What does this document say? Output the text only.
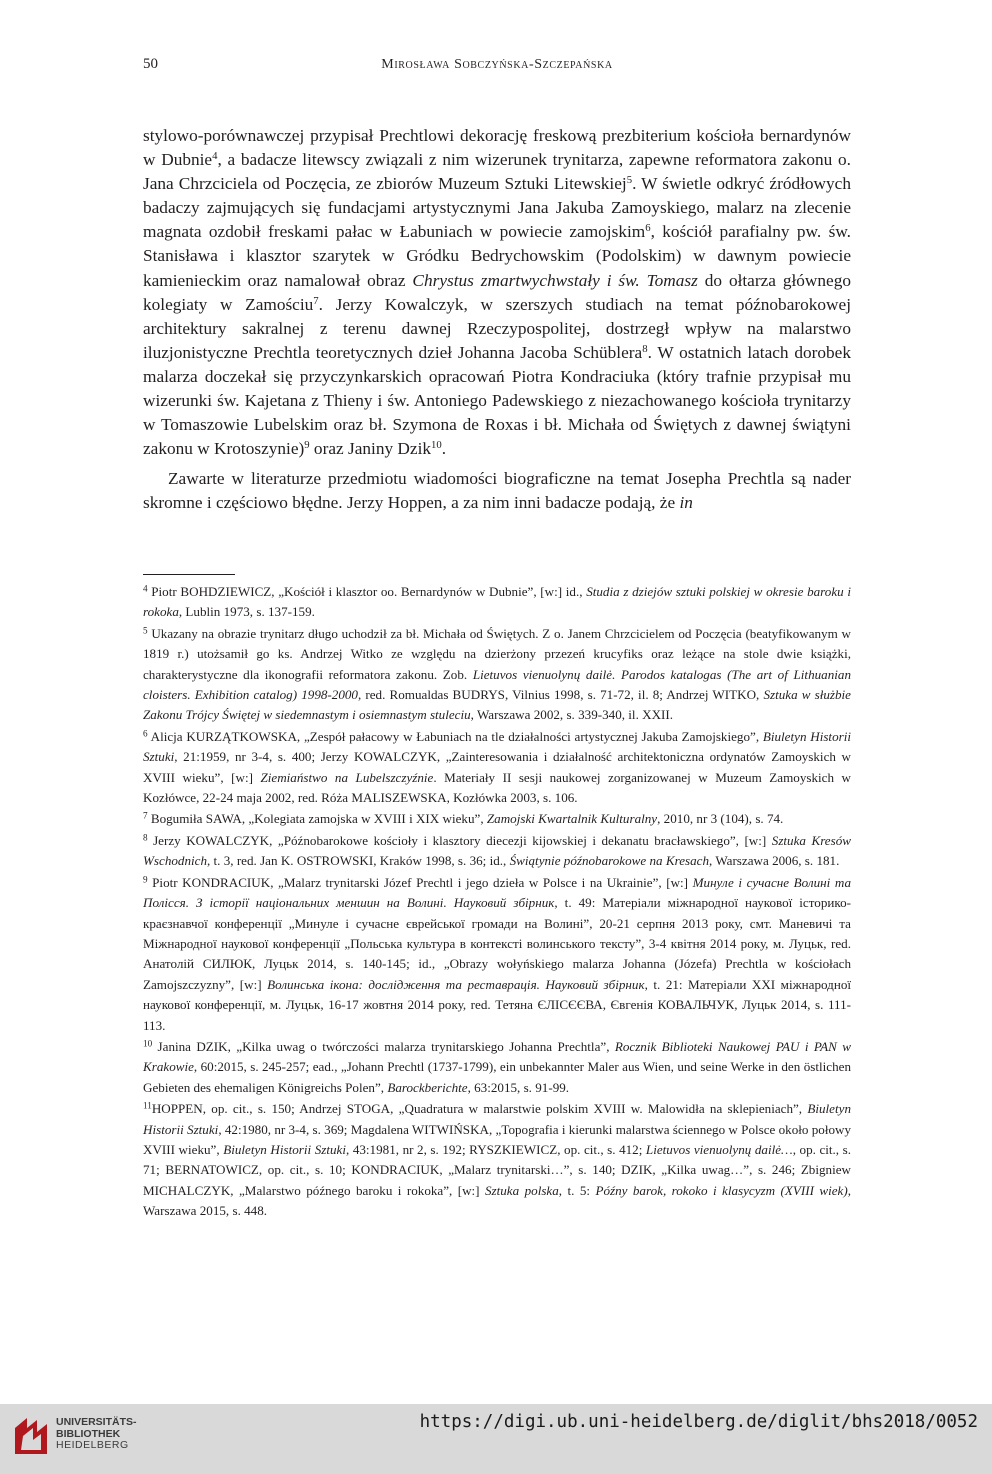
50	Mirosława Sobczyńska-Szczepańska

stylowo-porównawczej przypisał Prechtlowi dekorację freskową prezbiterium kościoła bernardynów w Dubnie$^4$, a badacze litewscy związali z nim wizerunek trynitarza, zapewne reformatora zakonu o. Jana Chrzciciela od Poczęcia, ze zbiorów Muzeum Sztuki Litewskiej$^5$. W świetle odkryć źródłowych badaczy zajmujących się fundacjami artystycznymi Jana Jakuba Zamoyskiego, malarz na zlecenie magnata ozdobił freskami pałac w Łabuniach w powiecie zamojskim$^6$, kościół parafialny pw. św. Stanisława i klasztor szarytek w Gródku Bedrychowskim (Podolskim) w dawnym powiecie kamienieckim oraz namalował obraz Chrystus zmartwychwstały i św. Tomasz do ołtarza głównego kolegiaty w Zamościu$^7$. Jerzy Kowalczyk, w szerszych studiach na temat późnobarokowej architektury sakralnej z terenu dawnej Rzeczypospolitej, dostrzegł wpływ na malarstwo iluzjonistyczne Prechtla teoretycznych dzieł Johanna Jacoba Schüblera$^8$. W ostatnich latach dorobek malarza doczekał się przyczynkarskich opracowań Piotra Kondraciuka (który trafnie przypisał mu wizerunki św. Kajetana z Thieny i św. Antoniego Padewskiego z niezachowanego kościoła trynitarzy w Tomaszowie Lubelskim oraz bł. Szymona de Roxas i bł. Michała od Świętych z dawnej świątyni zakonu w Krotoszynie)$^9$ oraz Janiny Dzik$^{10}$.

Zawarte w literaturze przedmiotu wiadomości biograficzne na temat Josepha Prechtla są nader skromne i częściowo błędne. Jerzy Hoppen, a za nim inni badacze podają, że in

$^4$ Piotr BOHDZIEWICZ, „Kościół i klasztor oo. Bernardynów w Dubnie”, [w:] id., Studia z dziejów sztuki polskiej w okresie baroku i rokoka, Lublin 1973, s. 137-159.

$^5$ Ukazany na obrazie trynitarz długo uchodził za bł. Michała od Świętych. Z o. Janem Chrzcicielem od Poczęcia (beatyfikowanym w 1819 r.) utożsamił go ks. Andrzej Witko ze względu na dzierżony przezeń krucyfiks oraz leżące na stole dwie książki, charakterystyczne dla ikonografii reformatora zakonu. Zob. Lietuvos vienuolynų dailė. Parodos katalogas (The art of Lithuanian cloisters. Exhibition catalog) 1998-2000, red. Romualdas BUDRYS, Vilnius 1998, s. 71-72, il. 8; Andrzej WITKO, Sztuka w służbie Zakonu Trójcy Świętej w siedemnastym i osiemnastym stuleciu, Warszawa 2002, s. 339-340, il. XXII.

$^6$ Alicja KURZĄTKOWSKA, „Zespół pałacowy w Łabuniach na tle działalności artystycznej Jakuba Zamojskiego”, Biuletyn Historii Sztuki, 21:1959, nr 3-4, s. 400; Jerzy KOWALCZYK, „Zainteresowania i działalność architektoniczna ordynatów Zamoyskich w XVIII wieku”, [w:] Ziemiaństwo na Lubelszczyźnie. Materiały II sesji naukowej zorganizowanej w Muzeum Zamoyskich w Kozłówce, 22-24 maja 2002, red. Róża MALISZEWSKA, Kozłówka 2003, s. 106.

$^7$ Bogumiła SAWA, „Kolegiata zamojska w XVIII i XIX wieku”, Zamojski Kwartalnik Kulturalny, 2010, nr 3 (104), s. 74.

$^8$ Jerzy KOWALCZYK, „Późnobarokowe kościoły i klasztory diecezji kijowskiej i dekanatu bracławskiego”, [w:] Sztuka Kresów Wschodnich, t. 3, red. Jan K. OSTROWSKI, Kraków 1998, s. 36; id., Świątynie późnobarokowe na Kresach, Warszawa 2006, s. 181.

$^9$ Piotr KONDRACIUK, „Malarz trynitarski Józef Prechtl i jego dzieła w Polsce i na Ukrainie”, [w:] Минуле і сучасне Волині та Полісся. З історії національних меншин на Волині. Науковий збірник, t. 49: Матеріали міжнародної наукової історико-краєзнавчої конференції „Минуле і сучасне єврейської громади на Волині”, 20-21 серпня 2013 року, смт. Маневичі та Міжнародної наукової конференції „Польська культура в контексті волинського тексту”, 3-4 квітня 2014 року, м. Луцьк, red. Анатолій СИЛЮК, Луцьк 2014, s. 140-145; id., „Obrazy wołyńskiego malarza Johanna (Józefa) Prechtla w kościołach Zamojszczyzny”, [w:] Волинська ікона: дослідження та реставрація. Науковий збірник, t. 21: Матеріали XXI міжнародної наукової конференції, м. Луцьк, 16-17 жовтня 2014 року, red. Тетяна ЄЛІСЄЄВА, Євгенія КОВАЛЬЧУК, Луцьк 2014, s. 111-113.

$^{10}$ Janina DZIK, „Kilka uwag o twórczości malarza trynitarskiego Johanna Prechtla”, Rocznik Biblioteki Naukowej PAU i PAN w Krakowie, 60:2015, s. 245-257; ead., „Johann Prechtl (1737-1799), ein unbekannter Maler aus Wien, und seine Werke in den östlichen Gebieten des ehemaligen Königreichs Polen”, Barockberichte, 63:2015, s. 91-99.

$^{11}$HOPPEN, op. cit., s. 150; Andrzej STOGA, „Quadratura w malarstwie polskim XVIII w. Malowidła na sklepieniach”, Biuletyn Historii Sztuki, 42:1980, nr 3-4, s. 369; Magdalena WITWIŃSKA, „Topografia i kierunki malarstwa ściennego w Polsce około połowy XVIII wieku”, Biuletyn Historii Sztuki, 43:1981, nr 2, s. 192; RYSZKIEWICZ, op. cit., s. 412; Lietuvos vienuolynų dailė…, op. cit., s. 71; BERNATOWICZ, op. cit., s. 10; KONDRACIUK, „Malarz trynitarski…”, s. 140; DZIK, „Kilka uwag…”, s. 246; Zbigniew MICHALCZYK, „Malarstwo późnego baroku i rokoka”, [w:] Sztuka polska, t. 5: Późny barok, rokoko i klasycyzm (XVIII wiek), Warszawa 2015, s. 448.

UNIVERSITÄTS-
BIBLIOTHEK
HEIDELBERG
https://digi.ub.uni-heidelberg.de/diglit/bhs2018/0052
